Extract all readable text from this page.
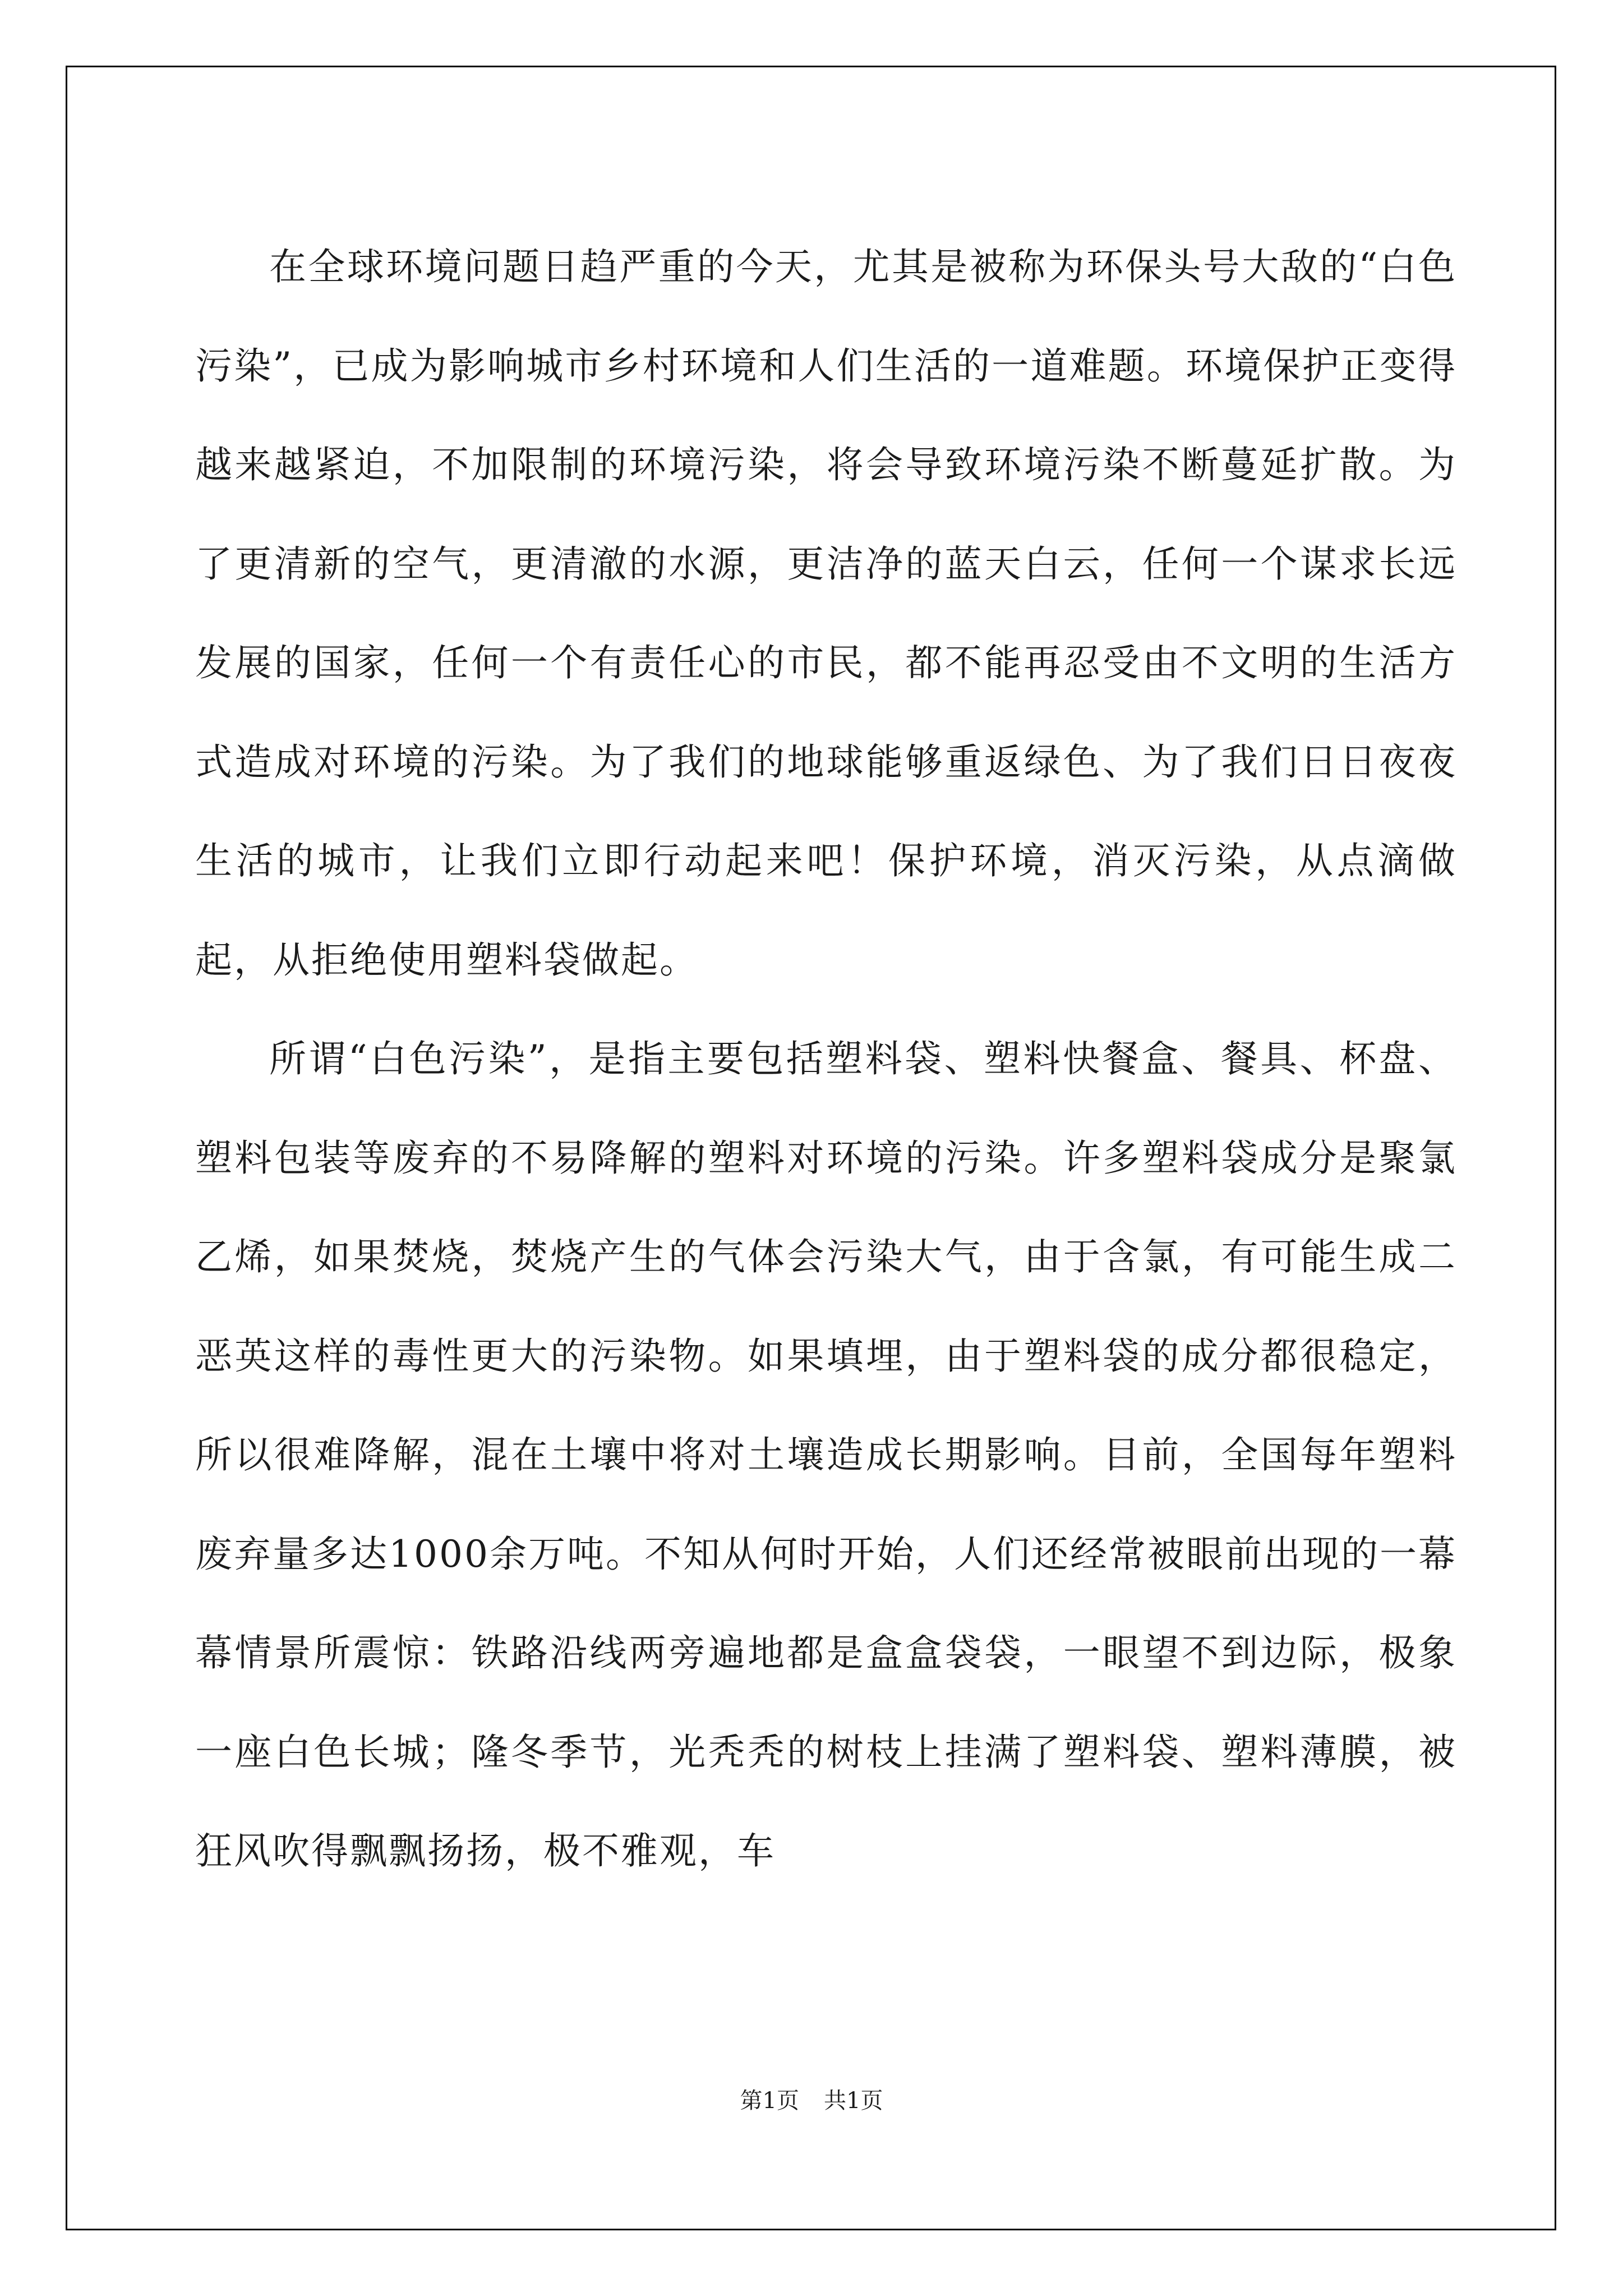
在全球环境问题日趋严重的今天，尤其是被称为环保头号大敌的“白色污染”，已成为影响城市乡村环境和人们生活的一道难题。环境保护正变得越来越紧迫，不加限制的环境污染，将会导致环境污染不断蔓延扩散。为了更清新的空气，更清澈的水源，更洁净的蓝天白云，任何一个谋求长远发展的国家，任何一个有责任心的市民，都不能再忍受由不文明的生活方式造成对环境的污染。为了我们的地球能够重返绿色、为了我们日日夜夜生活的城市，让我们立即行动起来吧！保护环境，消灭污染，从点滴做起，从拒绝使用塑料袋做起。

所谓“白色污染”，是指主要包括塑料袋、塑料快餐盒、餐具、杯盘、塑料包装等废弃的不易降解的塑料对环境的污染。许多塑料袋成分是聚氯乙烯，如果焚烧，焚烧产生的气体会污染大气，由于含氯，有可能生成二恶英这样的毒性更大的污染物。如果填埋，由于塑料袋的成分都很稳定，所以很难降解，混在土壤中将对土壤造成长期影响。目前，全国每年塑料废弃量多达1000余万吨。不知从何时开始，人们还经常被眼前出现的一幕幕情景所震惊：铁路沿线两旁遍地都是盒盒袋袋，一眼望不到边际，极象一座白色长城；隆冬季节，光秃秃的树枝上挂满了塑料袋、塑料薄膜，被狂风吹得飘飘扬扬，极不雅观，车

第1页 共1页
